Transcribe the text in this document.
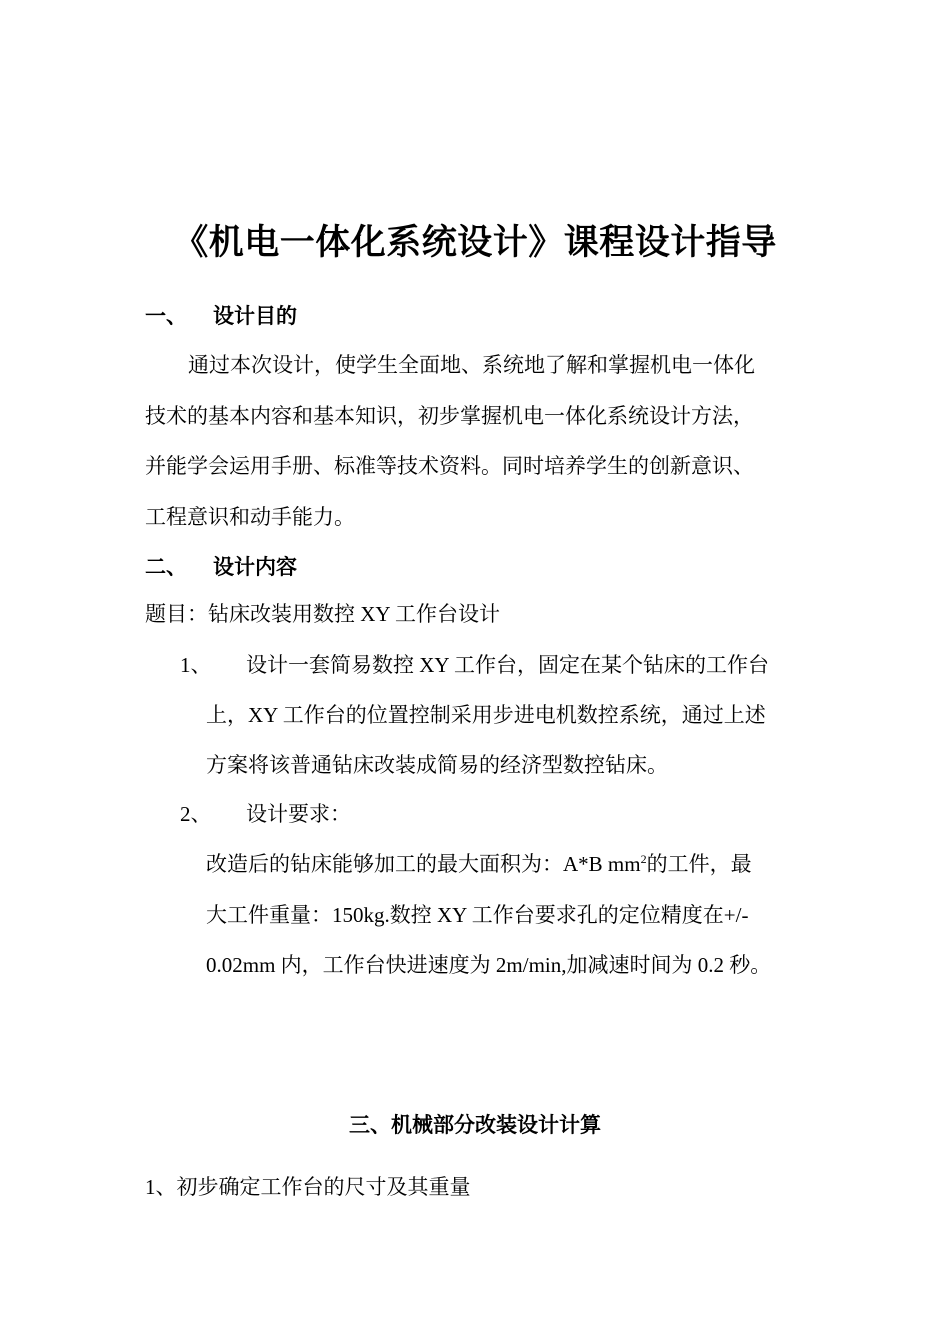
《机电一体化系统设计》课程设计指导
一、 设计目的
通过本次设计，使学生全面地、系统地了解和掌握机电一体化
技术的基本内容和基本知识，初步掌握机电一体化系统设计方法，
并能学会运用手册、标准等技术资料。同时培养学生的创新意识、
工程意识和动手能力。
二、 设计内容
题目：钻床改装用数控 XY 工作台设计
1、 设计一套简易数控 XY 工作台，固定在某个钻床的工作台
上，XY 工作台的位置控制采用步进电机数控系统，通过上述
方案将该普通钻床改装成简易的经济型数控钻床。
2、 设计要求：
改造后的钻床能够加工的最大面积为：A*B $mm^2$的工件，最
大工件重量：150kg.数控 XY 工作台要求孔的定位精度在+/-
0.02mm 内，工作台快进速度为 2m/min,加减速时间为 0.2 秒。
三、机械部分改装设计计算
1、初步确定工作台的尺寸及其重量
